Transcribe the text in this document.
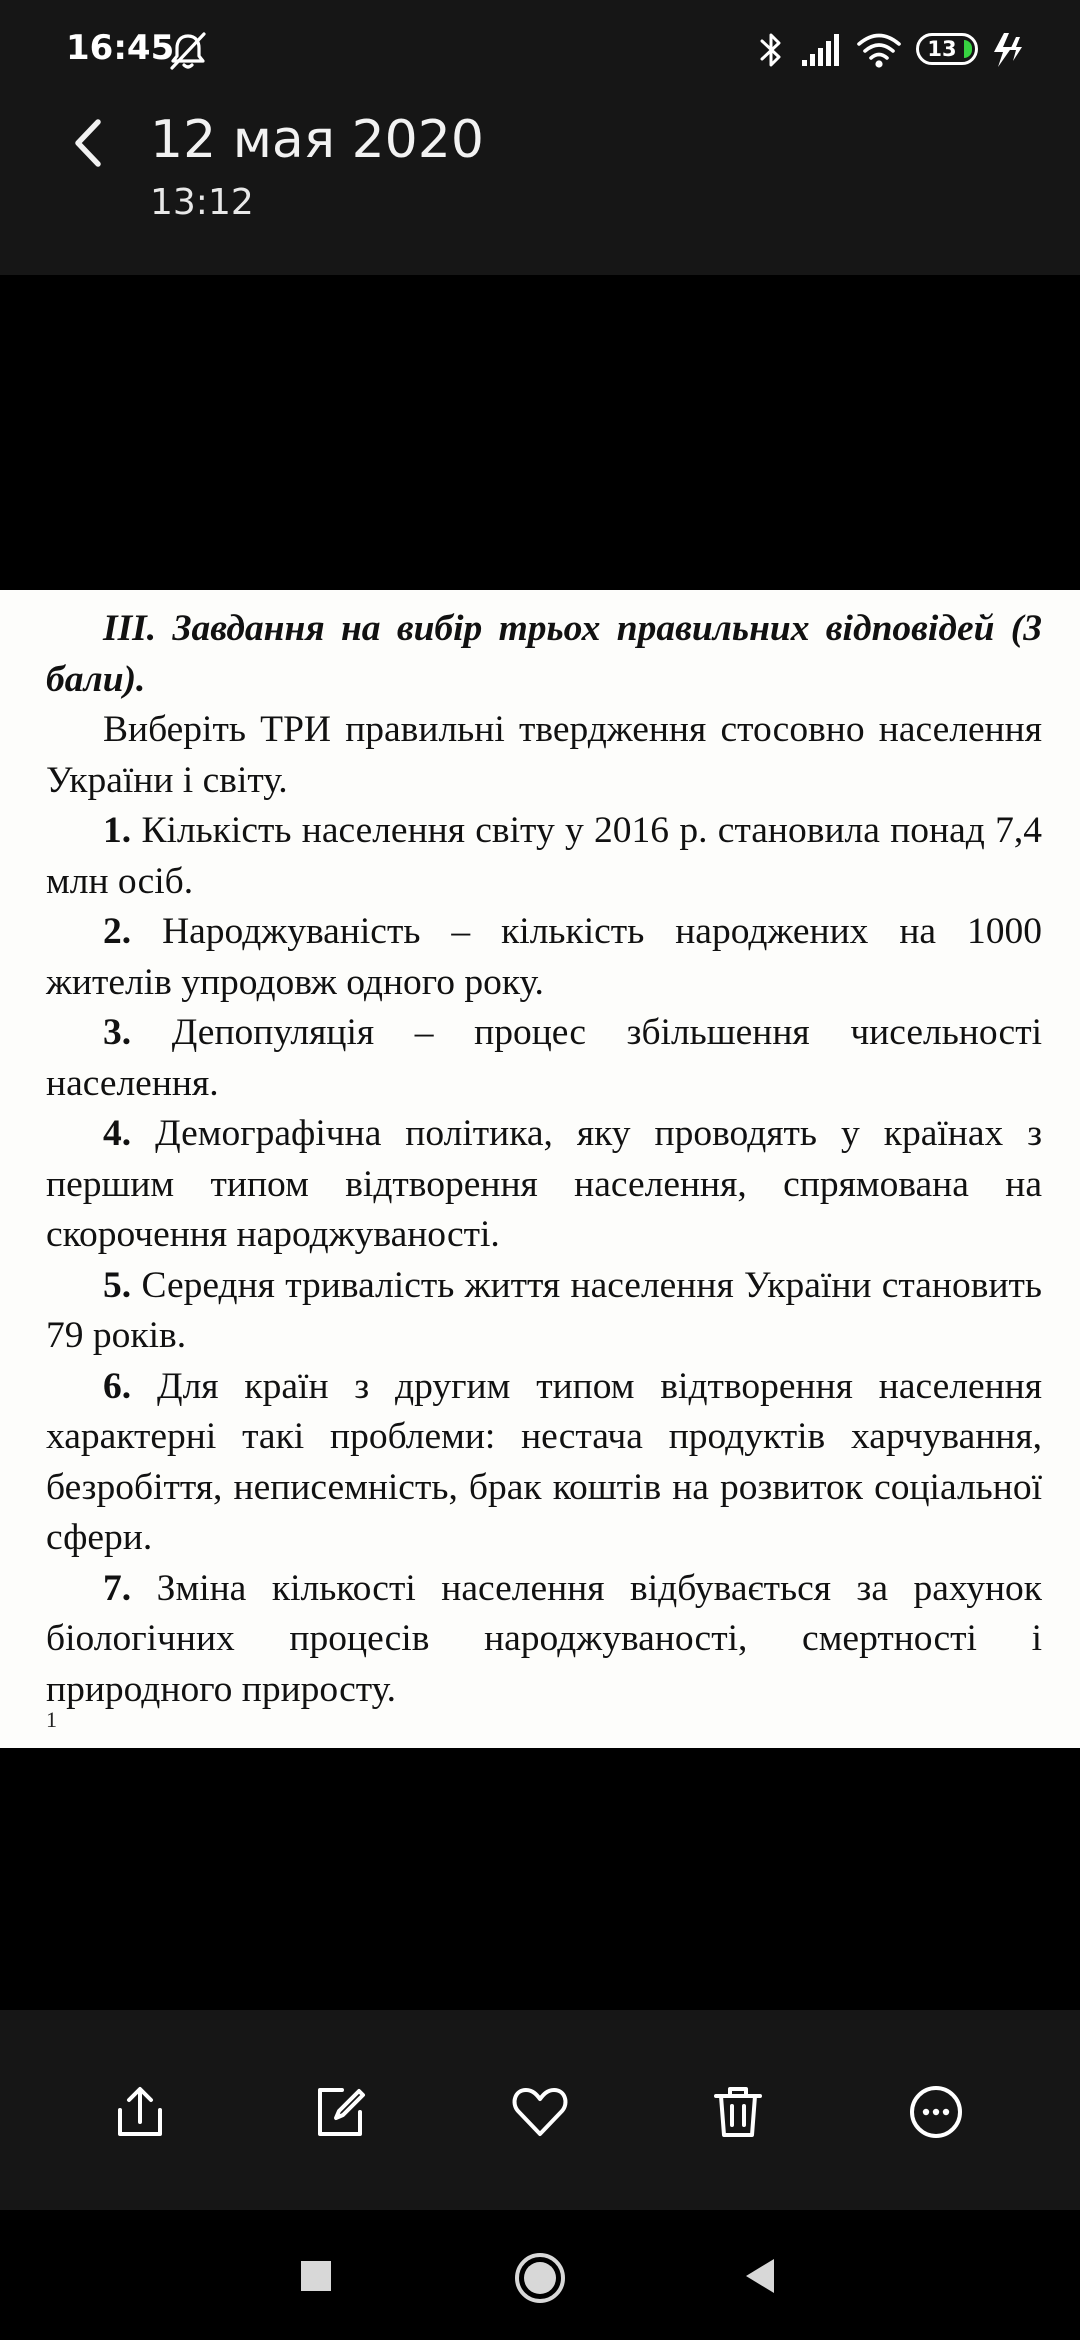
16:45	13
12 мая 2020
13:12

ІІІ. Завдання на вибір трьох правильних відповідей (3 бали).

Виберіть ТРИ правильні твердження стосовно населення України і світу.

1. Кількість населення світу у 2016 р. становила понад 7,4 млн осіб.

2. Народжуваність – кількість народжених на 1000 жителів упродовж одного року.

3. Депопуляція – процес збільшення чисельності населення.

4. Демографічна політика, яку проводять у країнах з першим типом відтворення населення, спрямована на скорочення народжуваності.

5. Середня тривалість життя населення України становить 79 років.

6. Для країн з другим типом відтворення населення характерні такі проблеми: нестача продуктів харчування, безробіття, неписемність, брак коштів на розвиток соціальної сфери.

7. Зміна кількості населення відбувається за рахунок біологічних процесів народжуваності, смертності і природного приросту.

1
